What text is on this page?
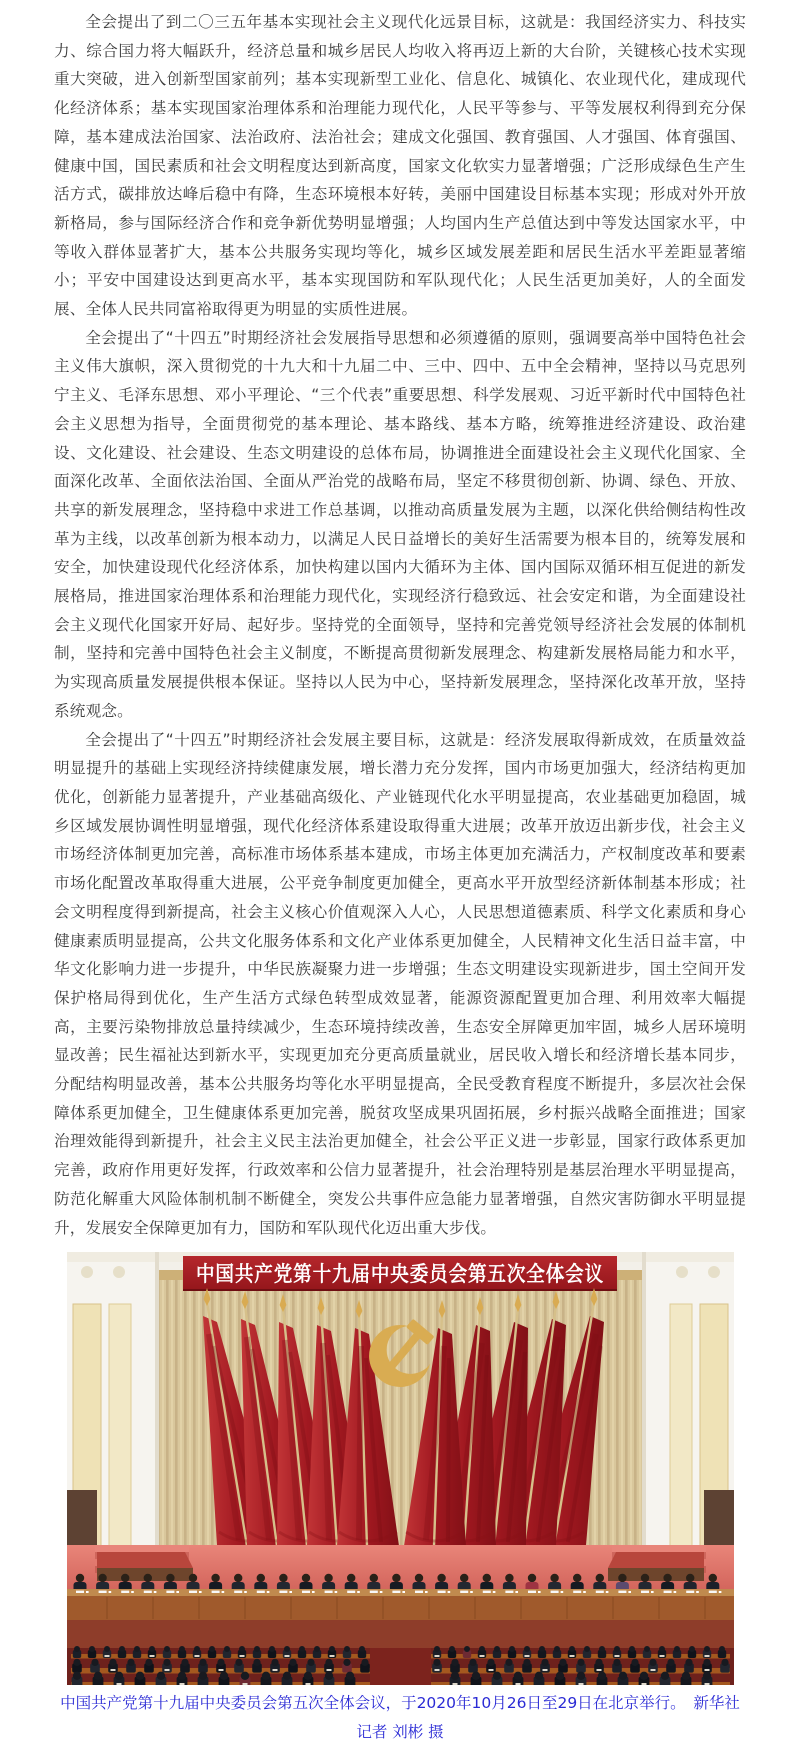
全会提出了到二〇三五年基本实现社会主义现代化远景目标，这就是：我国经济实力、科技实力、综合国力将大幅跃升，经济总量和城乡居民人均收入将再迈上新的大台阶，关键核心技术实现重大突破，进入创新型国家前列；基本实现新型工业化、信息化、城镇化、农业现代化，建成现代化经济体系；基本实现国家治理体系和治理能力现代化，人民平等参与、平等发展权利得到充分保障，基本建成法治国家、法治政府、法治社会；建成文化强国、教育强国、人才强国、体育强国、健康中国，国民素质和社会文明程度达到新高度，国家文化软实力显著增强；广泛形成绿色生产生活方式，碳排放达峰后稳中有降，生态环境根本好转，美丽中国建设目标基本实现；形成对外开放新格局，参与国际经济合作和竞争新优势明显增强；人均国内生产总值达到中等发达国家水平，中等收入群体显著扩大，基本公共服务实现均等化，城乡区域发展差距和居民生活水平差距显著缩小；平安中国建设达到更高水平，基本实现国防和军队现代化；人民生活更加美好，人的全面发展、全体人民共同富裕取得更为明显的实质性进展。

全会提出了“十四五”时期经济社会发展指导思想和必须遵循的原则，强调要高举中国特色社会主义伟大旗帜，深入贯彻党的十九大和十九届二中、三中、四中、五中全会精神，坚持以马克思列宁主义、毛泽东思想、邓小平理论、“三个代表”重要思想、科学发展观、习近平新时代中国特色社会主义思想为指导，全面贯彻党的基本理论、基本路线、基本方略，统筹推进经济建设、政治建设、文化建设、社会建设、生态文明建设的总体布局，协调推进全面建设社会主义现代化国家、全面深化改革、全面依法治国、全面从严治党的战略布局，坚定不移贯彻创新、协调、绿色、开放、共享的新发展理念，坚持稳中求进工作总基调，以推动高质量发展为主题，以深化供给侧结构性改革为主线，以改革创新为根本动力，以满足人民日益增长的美好生活需要为根本目的，统筹发展和安全，加快建设现代化经济体系，加快构建以国内大循环为主体、国内国际双循环相互促进的新发展格局，推进国家治理体系和治理能力现代化，实现经济行稳致远、社会安定和谐，为全面建设社会主义现代化国家开好局、起好步。坚持党的全面领导，坚持和完善党领导经济社会发展的体制机制，坚持和完善中国特色社会主义制度，不断提高贯彻新发展理念、构建新发展格局能力和水平，为实现高质量发展提供根本保证。坚持以人民为中心，坚持新发展理念，坚持深化改革开放，坚持系统观念。

全会提出了“十四五”时期经济社会发展主要目标，这就是：经济发展取得新成效，在质量效益明显提升的基础上实现经济持续健康发展，增长潜力充分发挥，国内市场更加强大，经济结构更加优化，创新能力显著提升，产业基础高级化、产业链现代化水平明显提高，农业基础更加稳固，城乡区域发展协调性明显增强，现代化经济体系建设取得重大进展；改革开放迈出新步伐，社会主义市场经济体制更加完善，高标准市场体系基本建成，市场主体更加充满活力，产权制度改革和要素市场化配置改革取得重大进展，公平竞争制度更加健全，更高水平开放型经济新体制基本形成；社会文明程度得到新提高，社会主义核心价值观深入人心，人民思想道德素质、科学文化素质和身心健康素质明显提高，公共文化服务体系和文化产业体系更加健全，人民精神文化生活日益丰富，中华文化影响力进一步提升，中华民族凝聚力进一步增强；生态文明建设实现新进步，国土空间开发保护格局得到优化，生产生活方式绿色转型成效显著，能源资源配置更加合理、利用效率大幅提高，主要污染物排放总量持续减少，生态环境持续改善，生态安全屏障更加牢固，城乡人居环境明显改善；民生福祉达到新水平，实现更加充分更高质量就业，居民收入增长和经济增长基本同步，分配结构明显改善，基本公共服务均等化水平明显提高，全民受教育程度不断提升，多层次社会保障体系更加健全，卫生健康体系更加完善，脱贫攻坚成果巩固拓展，乡村振兴战略全面推进；国家治理效能得到新提升，社会主义民主法治更加健全，社会公平正义进一步彰显，国家行政体系更加完善，政府作用更好发挥，行政效率和公信力显著提升，社会治理特别是基层治理水平明显提高，防范化解重大风险体制机制不断健全，突发公共事件应急能力显著增强，自然灾害防御水平明显提升，发展安全保障更加有力，国防和军队现代化迈出重大步伐。

中国共产党第十九届中央委员会第五次全体会议
中国共产党第十九届中央委员会第五次全体会议，于2020年10月26日至29日在北京举行。　新华社记者 刘彬 摄
